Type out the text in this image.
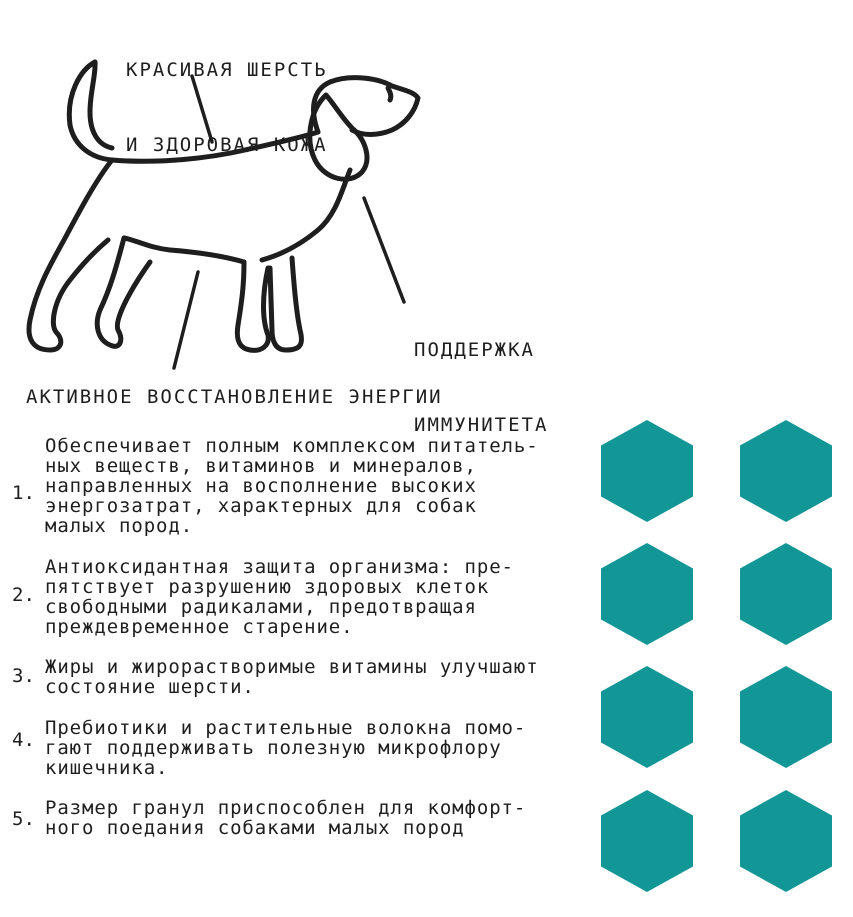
КРАСИВАЯ ШЕРСТЬ

И ЗДОРОВАЯ КОЖА

ПОДДЕРЖКА

ИММУНИТЕТА

АКТИВНОЕ ВОССТАНОВЛЕНИЕ ЭНЕРГИИ
1.
Обеспечивает полным комплексом питатель-
ных веществ, витаминов и минералов,
направленных на восполнение высоких
энергозатрат, характерных для собак
малых пород.
2.
Антиоксидантная защита организма: пре-
пятствует разрушению здоровых клеток
свободными радикалами, предотвращая
преждевременное старение.
3. Жиры и жирорастворимые витамины улучшают
состояние шерсти.
4.
Пребиотики и растительные волокна помо-
гают поддерживать полезную микрофлору
кишечника.
5. Размер гранул приспособлен для комфорт-
ного поедания собаками малых пород
